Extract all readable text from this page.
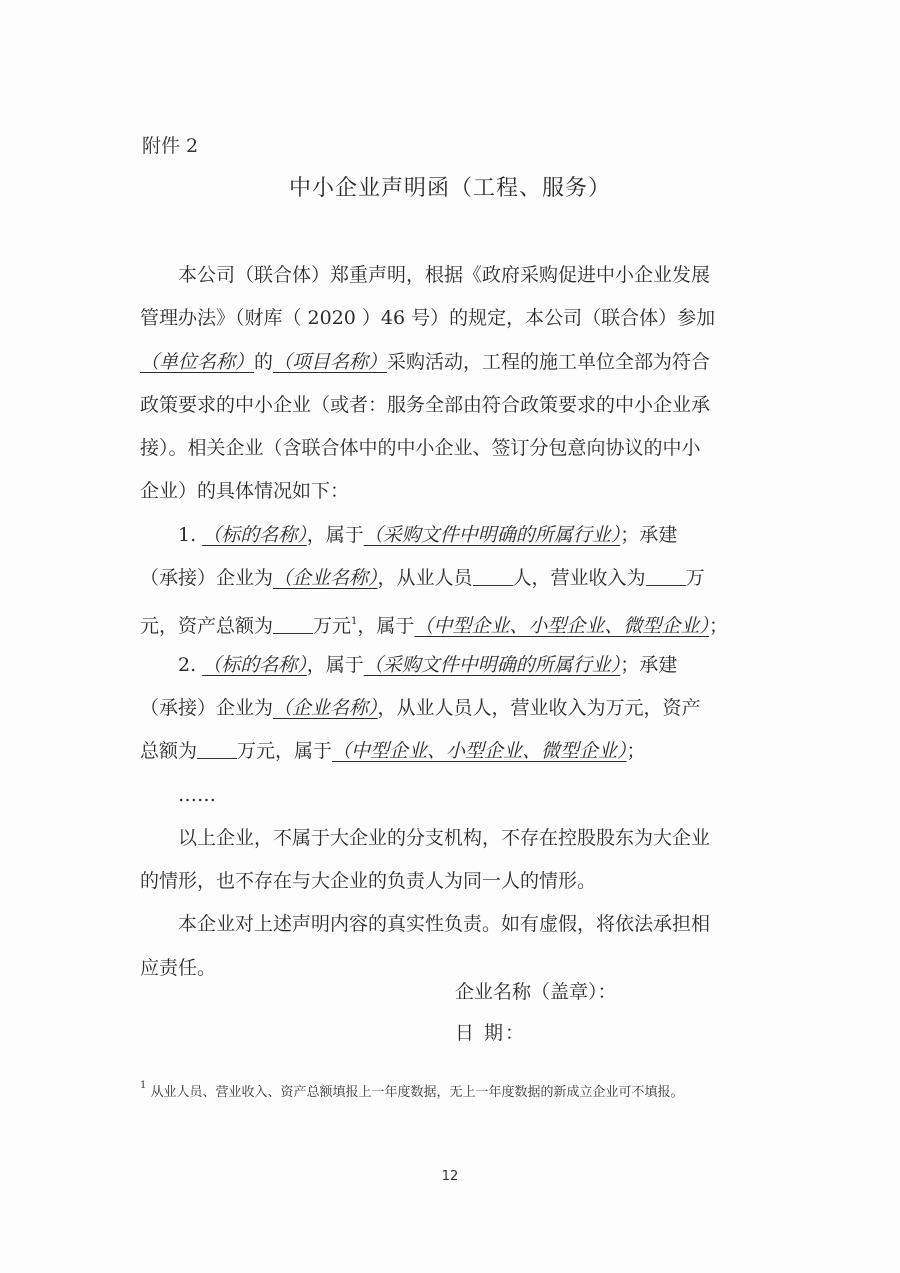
附件 2
中小企业声明函（工程、服务）
本公司（联合体）郑重声明，根据《政府采购促进中小企业发展
管理办法》（财库（ 2020 ）46 号）的规定，本公司（联合体）参加
（单位名称）的（项目名称）采购活动，工程的施工单位全部为符合
政策要求的中小企业（或者：服务全部由符合政策要求的中小企业承
接）。相关企业（含联合体中的中小企业、签订分包意向协议的中小
企业）的具体情况如下：
1. （标的名称），属于（采购文件中明确的所属行业）；承建
（承接）企业为（企业名称），从业人员 人，营业收入为 万
元，资产总额为 万元$^1$，属于（中型企业、小型企业、微型企业）；
2. （标的名称），属于（采购文件中明确的所属行业）；承建
（承接）企业为（企业名称），从业人员人，营业收入为万元，资产
总额为 万元，属于（中型企业、小型企业、微型企业）；
……
以上企业，不属于大企业的分支机构，不存在控股股东为大企业
的情形，也不存在与大企业的负责人为同一人的情形。
本企业对上述声明内容的真实性负责。如有虚假，将依法承担相
应责任。
企业名称（盖章）：
日 期：
$^1$ 从业人员、营业收入、资产总额填报上一年度数据，无上一年度数据的新成立企业可不填报。
12
